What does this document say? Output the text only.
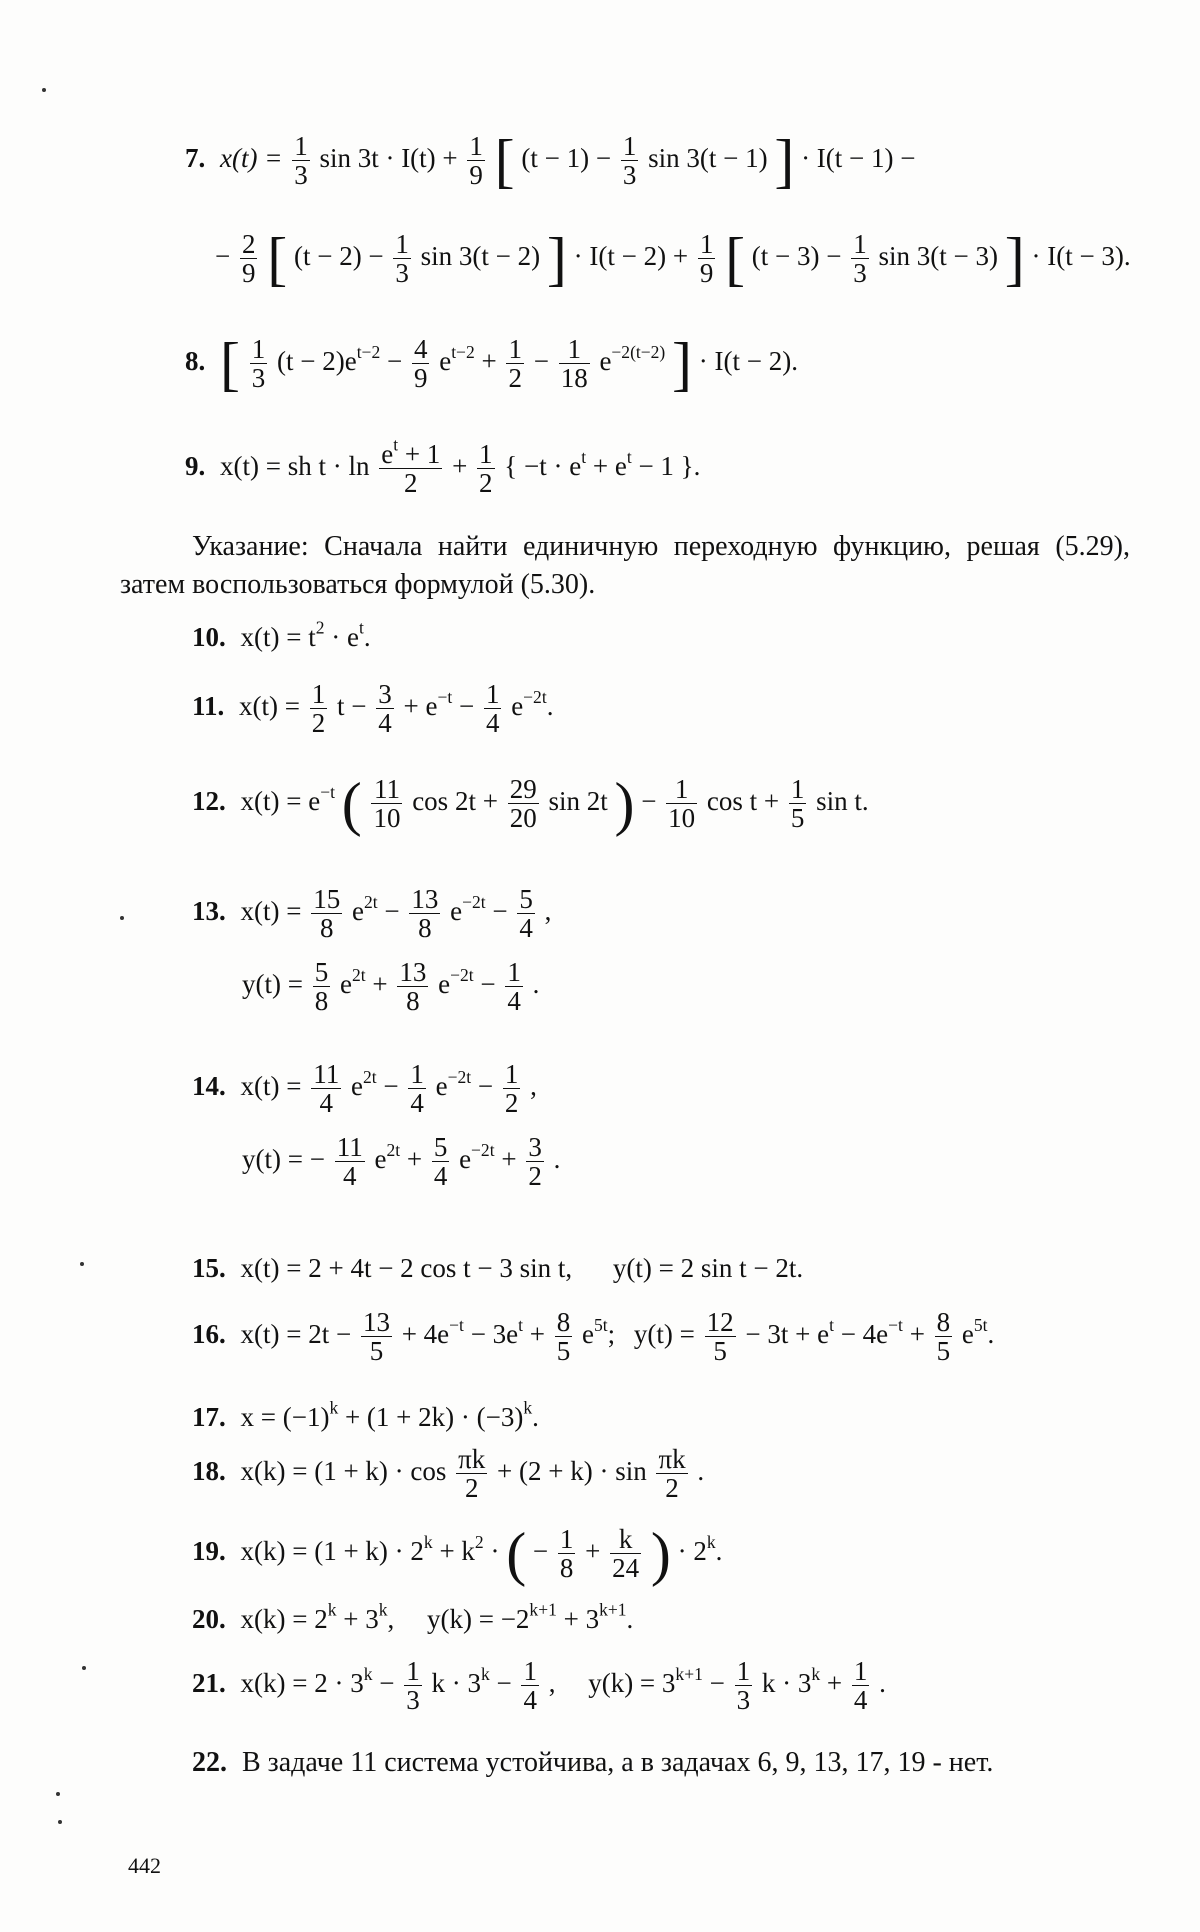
7. $x(t) = \frac{1}{3}$ $\sin 3t \cdot I(t) + \frac{1}{9}$ [ $(t - 1) - \frac{1}{3}$ sin 3(t − 1) ] · I(t − 1) −
− $\frac{2}{9}$ [ $(t - 2) - \frac{1}{3}$ sin 3(t − 2) ] · $I(t - 2) + \frac{1}{9}$ [ $(t - 3) - \frac{1}{3}$ sin 3(t − 3) ] · I(t − 3).
8. [ $\frac{1}{3} (t - 2)e^{t-2} - \frac{4}{9} e^{t-2} + \frac{1}{2} - \frac{1}{18} e^{-2(t-2)}$ ] · I(t − 2).
9. x(t) = sh $t \cdot \ln \frac{e^t + 1}{2} + \frac{1}{2}$ { $-t \cdot e^t + e^t - 1$ }.
Указание: Сначала найти единичную переходную функцию, решая (5.29), затем воспользоваться формулой (5.30).
10. $x(t) = t^2 \cdot e^t$.
11. $x(t) = \frac{1}{2}$ $t - \frac{3}{4} + e^{-t} - \frac{1}{4} e^{-2t}$.
12. $x(t) = e^{-t}$ ( $\frac{11}{10}$ $\cos 2t + \frac{29}{20}$ sin 2t ) − $\frac{1}{10}$ $\cos t + \frac{1}{5}$ sin t.
13. $x(t) = \frac{15}{8} e^{2t} - \frac{13}{8} e^{-2t} - \frac{5}{4}$ ,
$y(t) = \frac{5}{8} e^{2t} + \frac{13}{8} e^{-2t} - \frac{1}{4}$ .
14. $x(t) = \frac{11}{4} e^{2t} - \frac{1}{4} e^{-2t} - \frac{1}{2}$ ,
y(t) = − $\frac{11}{4} e^{2t} + \frac{5}{4} e^{-2t} + \frac{3}{2}$ .
15. x(t) = 2 + 4t − 2 cos t − 3 sin t, y(t) = 2 sin t − 2t.
16. $x(t) = 2t - \frac{13}{5} + 4e^{-t} - 3e^t + \frac{8}{5} e^{5t}$; $y(t) = \frac{12}{5} - 3t + e^t - 4e^{-t} + \frac{8}{5} e^{5t}$.
17. $x = (-1)^k + (1 + 2k) \cdot (-3)^k$.
18. $x(k) = (1 + k) \cdot \cos \frac{\pi k}{2} + (2 + k) \cdot \sin \frac{\pi k}{2}$ .
19. $x(k) = (1 + k) \cdot 2^k + k^2$ · ( − $\frac{1}{8} + \frac{k}{24}$ ) · $2^k$.
20. $x(k) = 2^k + 3^k$, $y(k) = -2^{k+1} + 3^{k+1}$.
21. $x(k) = 2 \cdot 3^k - \frac{1}{3}$ $k \cdot 3^k - \frac{1}{4}$ , $y(k) = 3^{k+1} - \frac{1}{3}$ $k \cdot 3^k + \frac{1}{4}$ .
22. В задаче 11 система устойчива, а в задачах 6, 9, 13, 17, 19 - нет.
442
